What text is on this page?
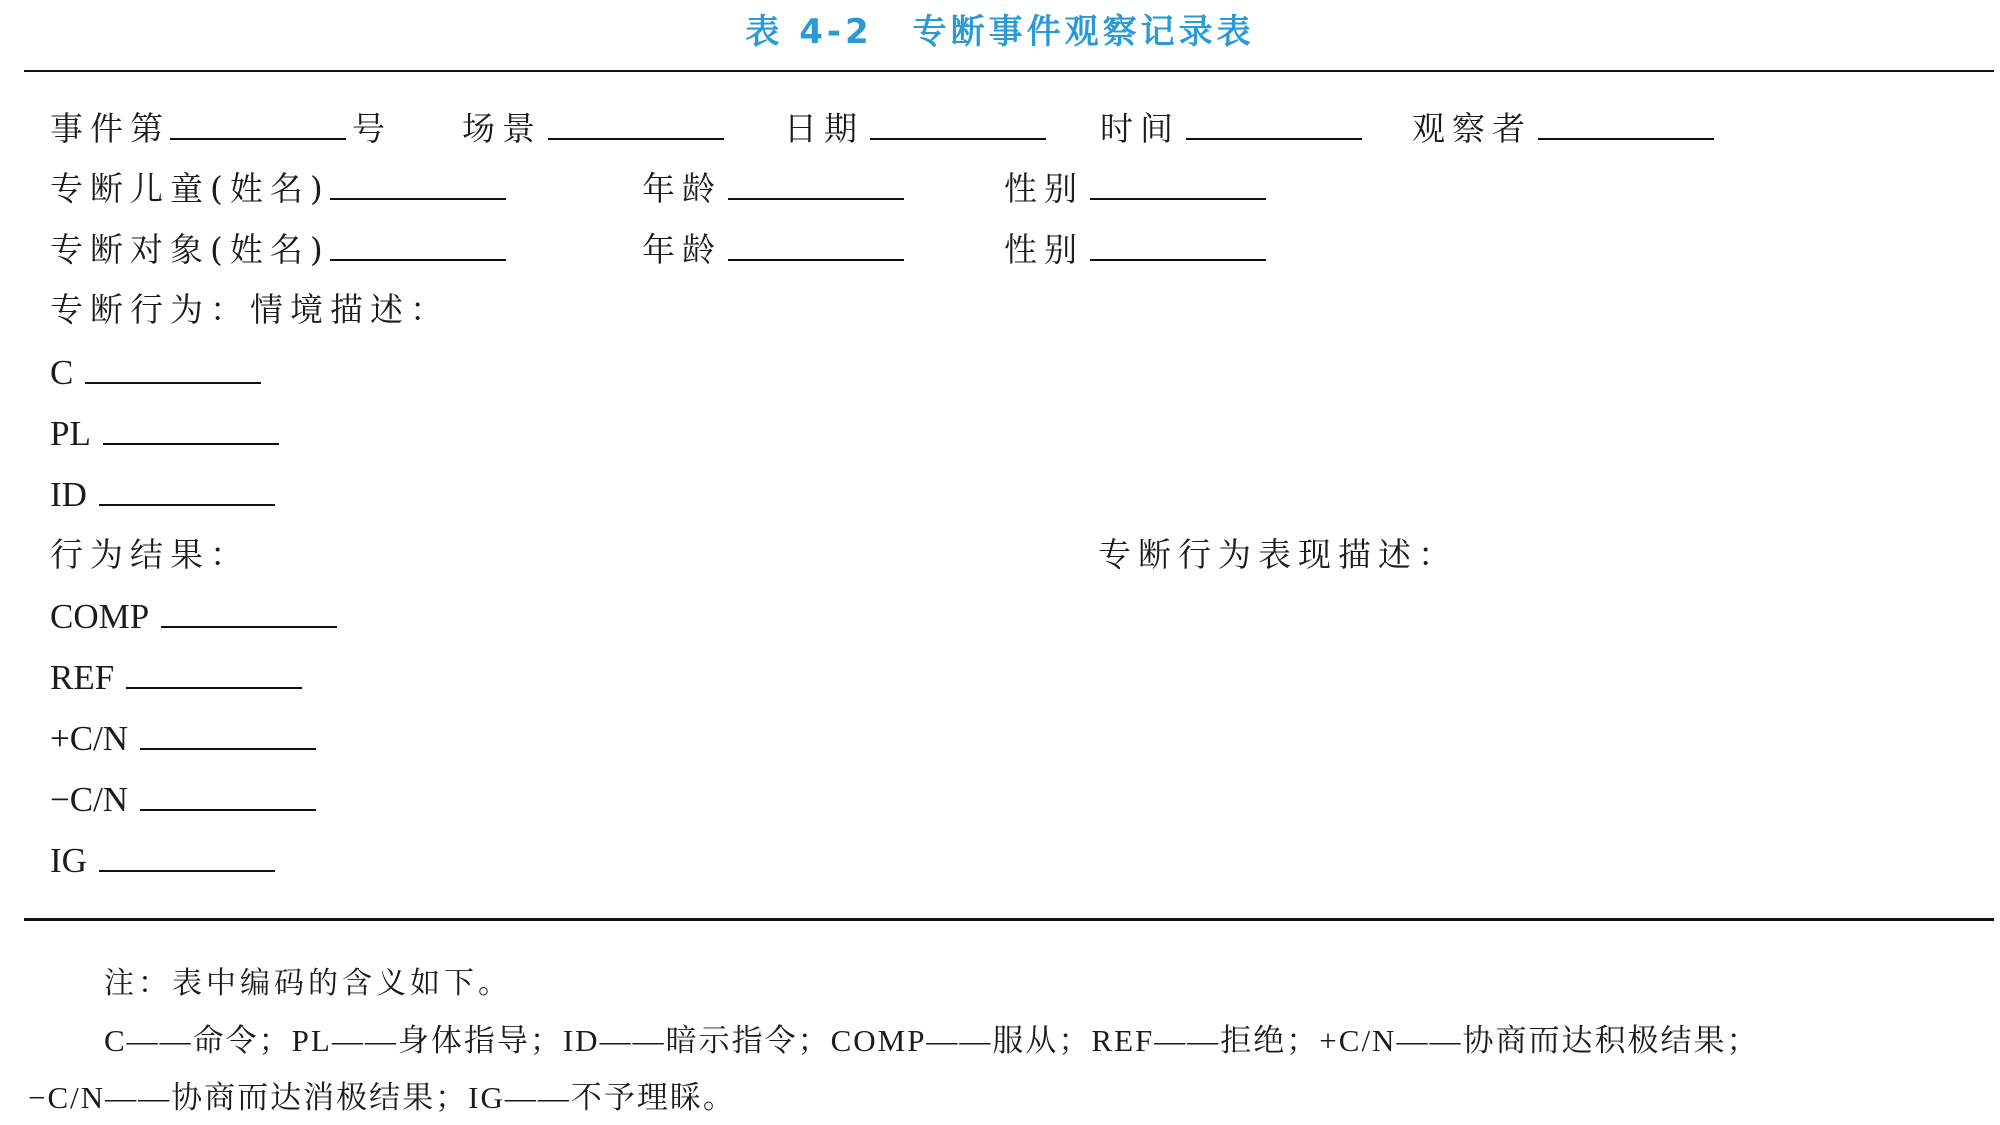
表 4-2 专断事件观察记录表
事件第	号 场景	日期	时间	观察者
专断儿童(姓名)	年龄	性别
专断对象(姓名)	年龄	性别
专断行为：情境描述：
C
PL
ID
行为结果：	专断行为表现描述：
COMP
REF
+C/N
−C/N
IG
注：表中编码的含义如下。
C——命令；PL——身体指导；ID——暗示指令；COMP——服从；REF——拒绝；+C/N——协商而达积极结果；
−C/N——协商而达消极结果；IG——不予理睬。
